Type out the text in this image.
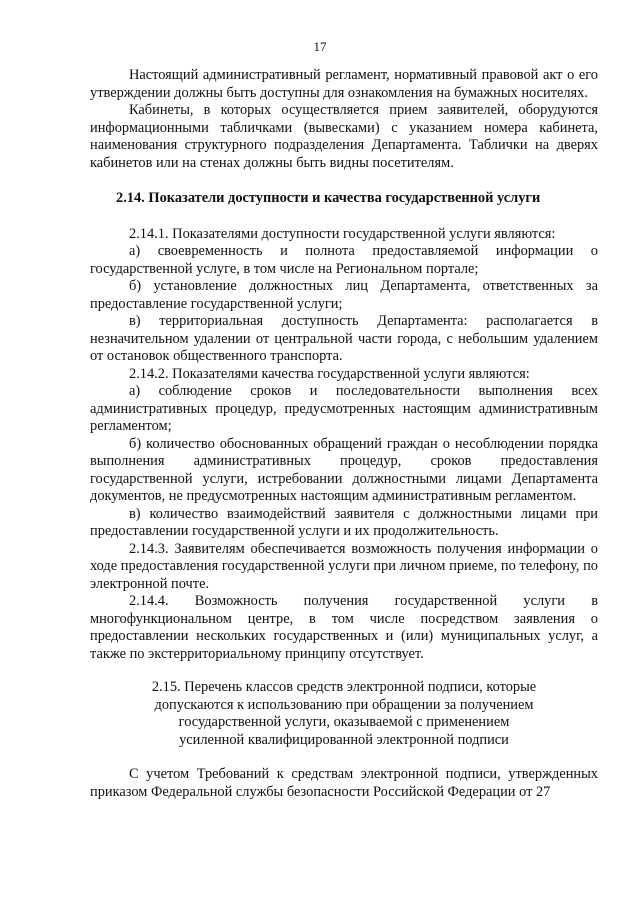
17

Настоящий административный регламент, нормативный правовой акт о его утверждении должны быть доступны для ознакомления на бумажных носителях.

Кабинеты, в которых осуществляется прием заявителей, оборудуются информационными табличками (вывесками) с указанием номера кабинета, наименования структурного подразделения Департамента. Таблички на дверях кабинетов или на стенах должны быть видны посетителям.

2.14. Показатели доступности и качества государственной услуги

2.14.1. Показателями доступности государственной услуги являются:

а) своевременность и полнота предоставляемой информации о государственной услуге, в том числе на Региональном портале;

б) установление должностных лиц Департамента, ответственных за предоставление государственной услуги;

в) территориальная доступность Департамента: располагается в незначительном удалении от центральной части города, с небольшим удалением от остановок общественного транспорта.

2.14.2. Показателями качества государственной услуги являются:

а) соблюдение сроков и последовательности выполнения всех административных процедур, предусмотренных настоящим административным регламентом;

б) количество обоснованных обращений граждан о несоблюдении порядка выполнения административных процедур, сроков предоставления государственной услуги, истребовании должностными лицами Департамента документов, не предусмотренных настоящим административным регламентом.

в) количество взаимодействий заявителя с должностными лицами при предоставлении государственной услуги и их продолжительность.

2.14.3. Заявителям обеспечивается возможность получения информации о ходе предоставления государственной услуги при личном приеме, по телефону, по электронной почте.

2.14.4. Возможность получения государственной услуги в многофункциональном центре, в том числе посредством заявления о предоставлении нескольких государственных и (или) муниципальных услуг, а также по экстерриториальному принципу отсутствует.

2.15. Перечень классов средств электронной подписи, которые
допускаются к использованию при обращении за получением
государственной услуги, оказываемой с применением
усиленной квалифицированной электронной подписи

С учетом Требований к средствам электронной подписи, утвержденных приказом Федеральной службы безопасности Российской Федерации от 27
